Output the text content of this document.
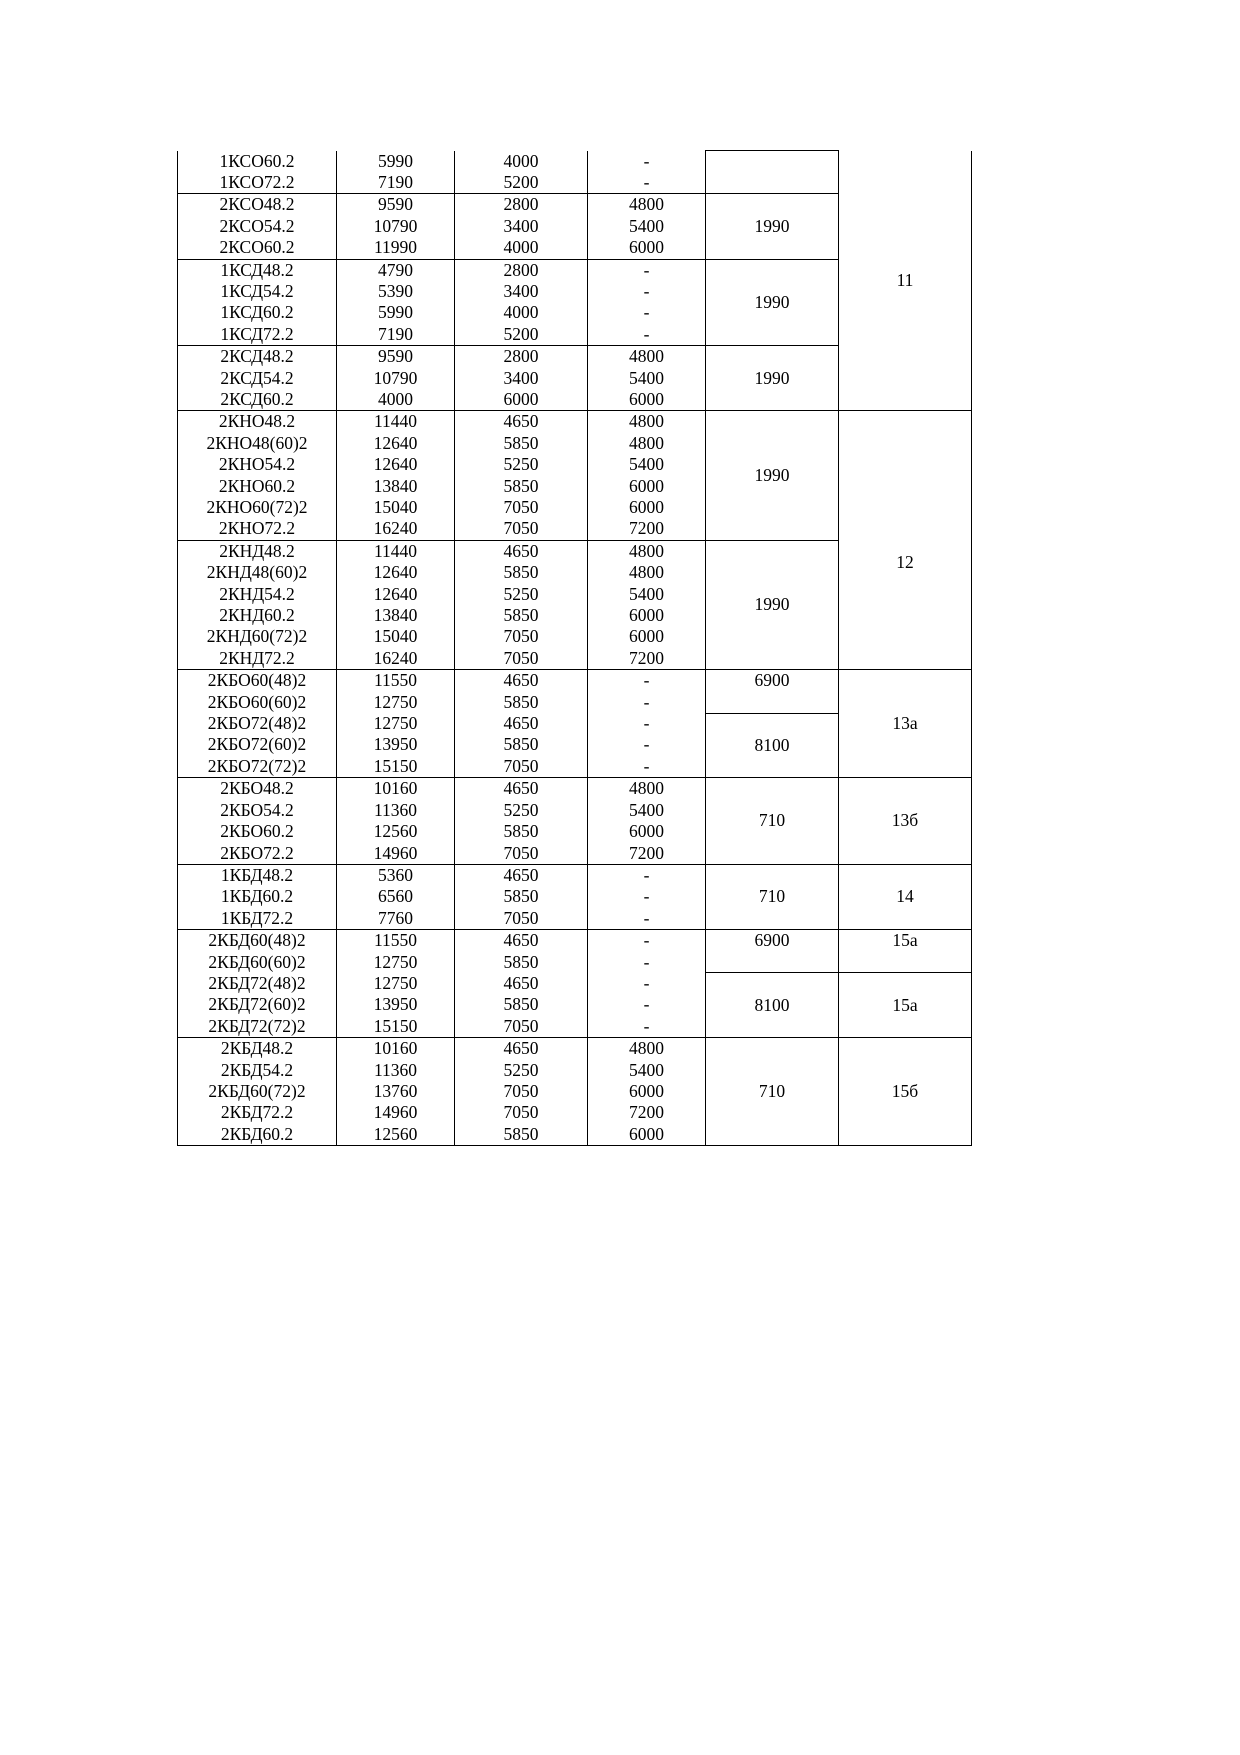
1КСО60.2	5990	4000	-		11
1КСО72.2	7190	5200	-		
2КСО48.2	9590	2800	4800	1990	
2КСО54.2	10790	3400	5400		
2КСО60.2	11990	4000	6000		
1КСД48.2	4790	2800	-	1990	
1КСД54.2	5390	3400	-		
1КСД60.2	5990	4000	-		
1КСД72.2	7190	5200	-		
2КСД48.2	9590	2800	4800	1990	
2КСД54.2	10790	3400	5400		
2КСД60.2	4000	6000	6000		
2КНО48.2	11440	4650	4800	1990	12
2КНО48(60)2	12640	5850	4800		
2КНО54.2	12640	5250	5400		
2КНО60.2	13840	5850	6000		
2КНО60(72)2	15040	7050	6000		
2КНО72.2	16240	7050	7200		
2КНД48.2	11440	4650	4800	1990	
2КНД48(60)2	12640	5850	4800		
2КНД54.2	12640	5250	5400		
2КНД60.2	13840	5850	6000		
2КНД60(72)2	15040	7050	6000		
2КНД72.2	16240	7050	7200		
2КБО60(48)2	11550	4650	-	6900	13а
2КБО60(60)2	12750	5850	-		
2КБО72(48)2	12750	4650	-	8100	
2КБО72(60)2	13950	5850	-		
2КБО72(72)2	15150	7050	-		
2КБО48.2	10160	4650	4800	710	13б
2КБО54.2	11360	5250	5400		
2КБО60.2	12560	5850	6000		
2КБО72.2	14960	7050	7200		
1КБД48.2	5360	4650	-	710	14
1КБД60.2	6560	5850	-		
1КБД72.2	7760	7050	-		
2КБД60(48)2	11550	4650	-	6900	15а
2КБД60(60)2	12750	5850	-		
2КБД72(48)2	12750	4650	-	8100	15а
2КБД72(60)2	13950	5850	-		
2КБД72(72)2	15150	7050	-		
2КБД48.2	10160	4650	4800	710	15б
2КБД54.2	11360	5250	5400		
2КБД60(72)2	13760	7050	6000		
2КБД72.2	14960	7050	7200		
2КБД60.2	12560	5850	6000		
